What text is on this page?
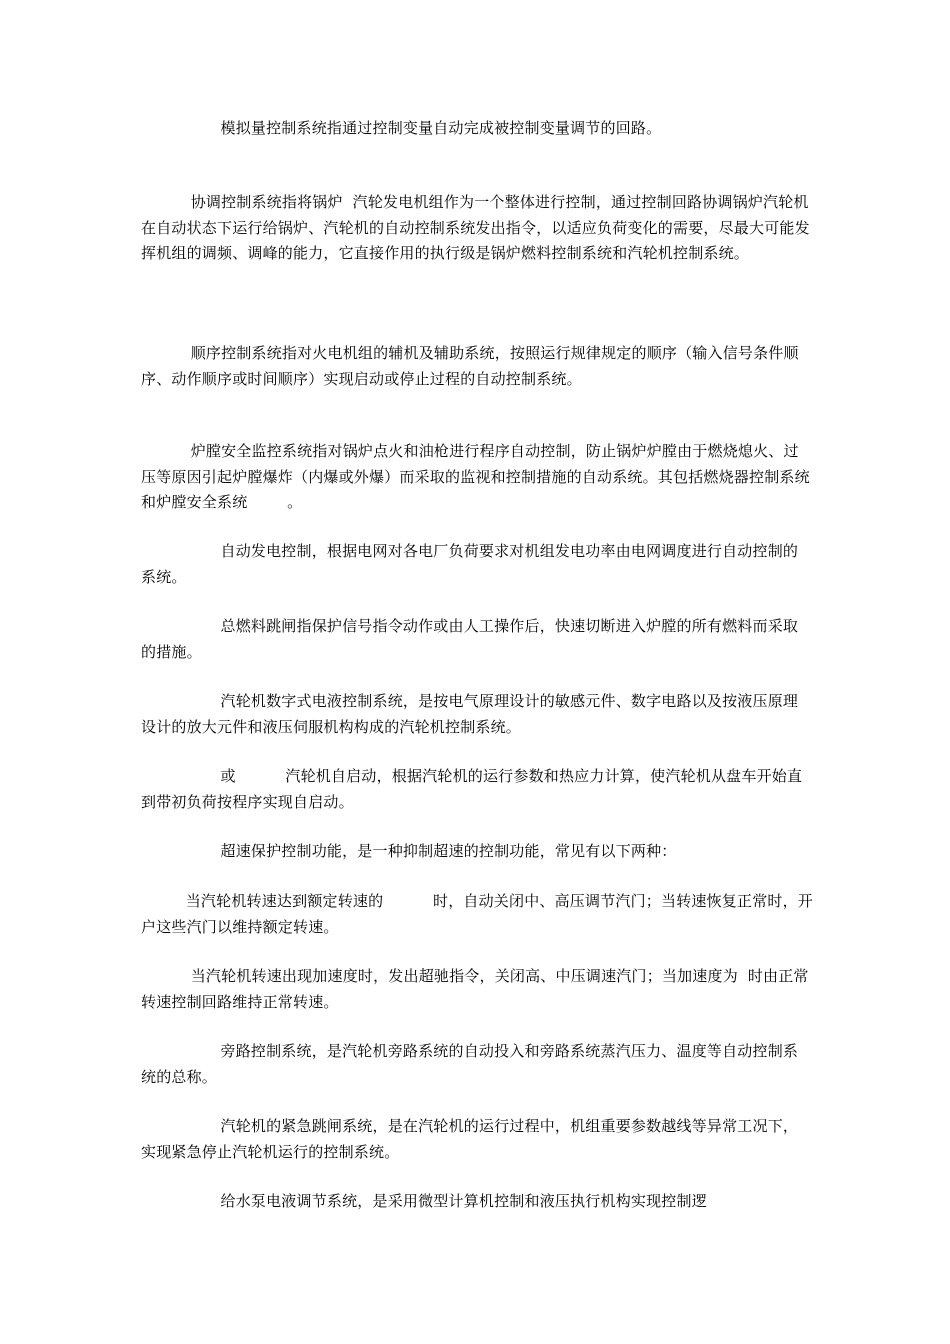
模拟量控制系统指通过控制变量自动完成被控制变量调节的回路。
协调控制系统指将锅炉  汽轮发电机组作为一个整体进行控制，通过控制回路协调锅炉汽轮机在自动状态下运行给锅炉、汽轮机的自动控制系统发出指令，以适应负荷变化的需要，尽最大可能发挥机组的调频、调峰的能力，它直接作用的执行级是锅炉燃料控制系统和汽轮机控制系统。
顺序控制系统指对火电机组的辅机及辅助系统，按照运行规律规定的顺序（输入信号条件顺序、动作顺序或时间顺序）实现启动或停止过程的自动控制系统。
炉膛安全监控系统指对锅炉点火和油枪进行程序自动控制，防止锅炉炉膛由于燃烧熄火、过压等原因引起炉膛爆炸（内爆或外爆）而采取的监视和控制措施的自动系统。其包括燃烧器控制系统        和炉膛安全系统        。
自动发电控制，根据电网对各电厂负荷要求对机组发电功率由电网调度进行自动控制的系统。
总燃料跳闸指保护信号指令动作或由人工操作后，快速切断进入炉膛的所有燃料而采取的措施。
汽轮机数字式电液控制系统，是按电气原理设计的敏感元件、数字电路以及按液压原理设计的放大元件和液压伺服机构构成的汽轮机控制系统。
或          汽轮机自启动，根据汽轮机的运行参数和热应力计算，使汽轮机从盘车开始直到带初负荷按程序实现自启动。
超速保护控制功能，是一种抑制超速的控制功能，常见有以下两种：
当汽轮机转速达到额定转速的          时，自动关闭中、高压调节汽门；当转速恢复正常时，开户这些汽门以维持额定转速。
当汽轮机转速出现加速度时，发出超驰指令，关闭高、中压调速汽门；当加速度为  时由正常转速控制回路维持正常转速。
旁路控制系统，是汽轮机旁路系统的自动投入和旁路系统蒸汽压力、温度等自动控制系统的总称。
汽轮机的紧急跳闸系统，是在汽轮机的运行过程中，机组重要参数越线等异常工况下，实现紧急停止汽轮机运行的控制系统。
给水泵电液调节系统，是采用微型计算机控制和液压执行机构实现控制逻
